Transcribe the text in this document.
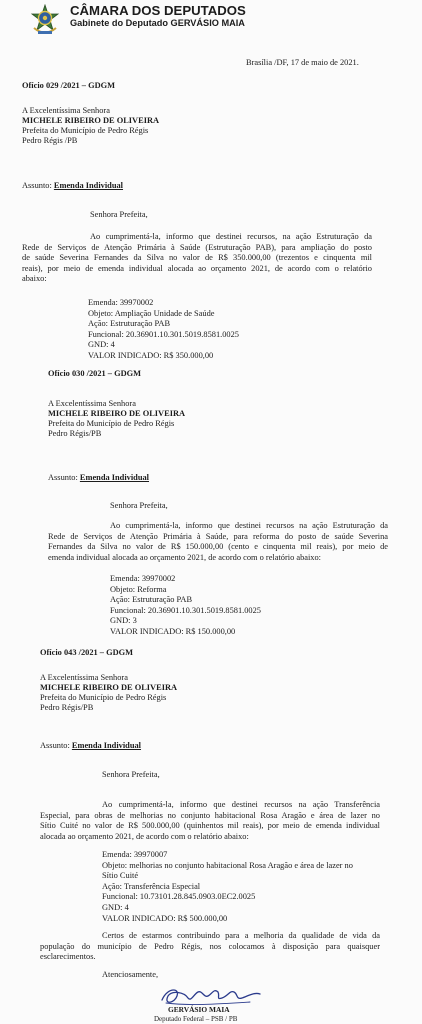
CÂMARA DOS DEPUTADOS
Gabinete do Deputado GERVÁSIO MAIA
Brasília /DF, 17 de maio de 2021.
Ofício 029 /2021 – GDGM
A Excelentíssima Senhora
MICHELE RIBEIRO DE OLIVEIRA
Prefeita do Município de Pedro Régis
Pedro Régis /PB
Assunto: Emenda Individual
Senhora Prefeita,
Ao cumprimentá-la, informo que destinei recursos, na ação Estruturação da
Rede de Serviços de Atenção Primária à Saúde (Estruturação PAB), para ampliação do posto
de saúde Severina Fernandes da Silva no valor de R$ 350.000,00 (trezentos e cinquenta mil
reais), por meio de emenda individual alocada ao orçamento 2021, de acordo com o relatório
abaixo:
Emenda: 39970002
Objeto: Ampliação Unidade de Saúde
Ação: Estruturação PAB
Funcional: 20.36901.10.301.5019.8581.0025
GND: 4
VALOR INDICADO: R$ 350.000,00
Ofício 030 /2021 – GDGM
A Excelentíssima Senhora
MICHELE RIBEIRO DE OLIVEIRA
Prefeita do Município de Pedro Régis
Pedro Régis/PB
Assunto: Emenda Individual
Senhora Prefeita,
Ao cumprimentá-la, informo que destinei recursos na ação Estruturação da
Rede de Serviços de Atenção Primária à Saúde, para reforma do posto de saúde Severina
Fernandes da Silva no valor de R$ 150.000,00 (cento e cinquenta mil reais), por meio de
emenda individual alocada ao orçamento 2021, de acordo com o relatório abaixo:
Emenda: 39970002
Objeto: Reforma
Ação: Estruturação PAB
Funcional: 20.36901.10.301.5019.8581.0025
GND: 3
VALOR INDICADO: R$ 150.000,00
Ofício 043 /2021 – GDGM
A Excelentíssima Senhora
MICHELE RIBEIRO DE OLIVEIRA
Prefeita do Município de Pedro Régis
Pedro Régis/PB
Assunto: Emenda Individual
Senhora Prefeita,
Ao cumprimentá-la, informo que destinei recursos na ação Transferência
Especial, para obras de melhorias no conjunto habitacional Rosa Aragão e área de lazer no
Sítio Cuité no valor de R$ 500.000,00 (quinhentos mil reais), por meio de emenda individual
alocada ao orçamento 2021, de acordo com o relatório abaixo:
Emenda: 39970007
Objeto: melhorias no conjunto habitacional Rosa Aragão e área de lazer no
Sítio Cuité
Ação: Transferência Especial
Funcional: 10.73101.28.845.0903.0EC2.0025
GND: 4
VALOR INDICADO: R$ 500.000,00
Certos de estarmos contribuindo para a melhoria da qualidade de vida da
população do município de Pedro Régis, nos colocamos à disposição para quaisquer
esclarecimentos.
Atenciosamente,
GERVÁSIO MAIA
Deputado Federal – PSB / PB
